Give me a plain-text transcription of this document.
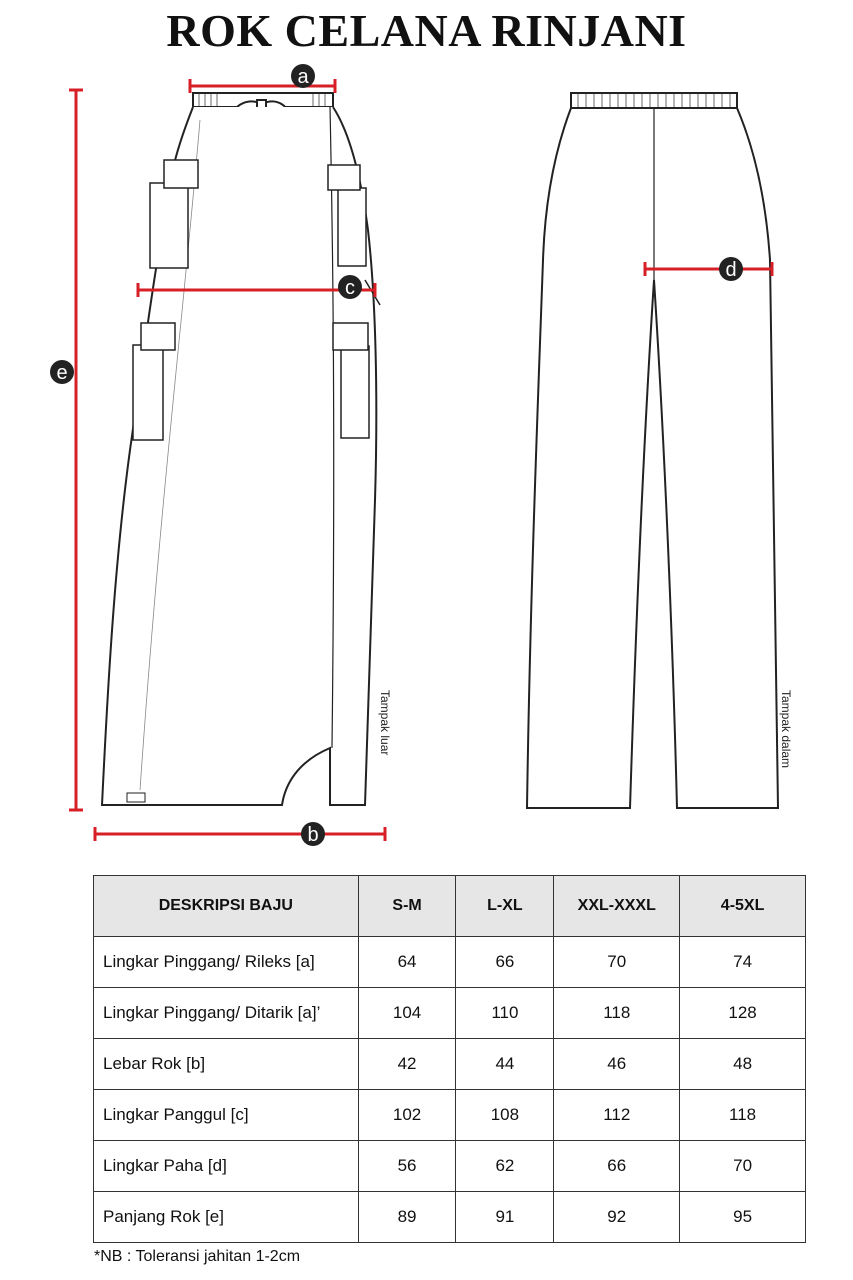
ROK CELANA RINJANI
a
b
c
d
e
Tampak luar	Tampak dalam
DESKRIPSI BAJU	S-M	L-XL	XXL-XXXL	4-5XL
Lingkar Pinggang/ Rileks [a]	64	66	70	74
Lingkar Pinggang/ Ditarik [a]’	104	110	118	128
Lebar Rok [b]	42	44	46	48
Lingkar Panggul [c]	102	108	112	118
Lingkar Paha [d]	56	62	66	70
Panjang Rok [e]	89	91	92	95
*NB : Toleransi jahitan 1-2cm
